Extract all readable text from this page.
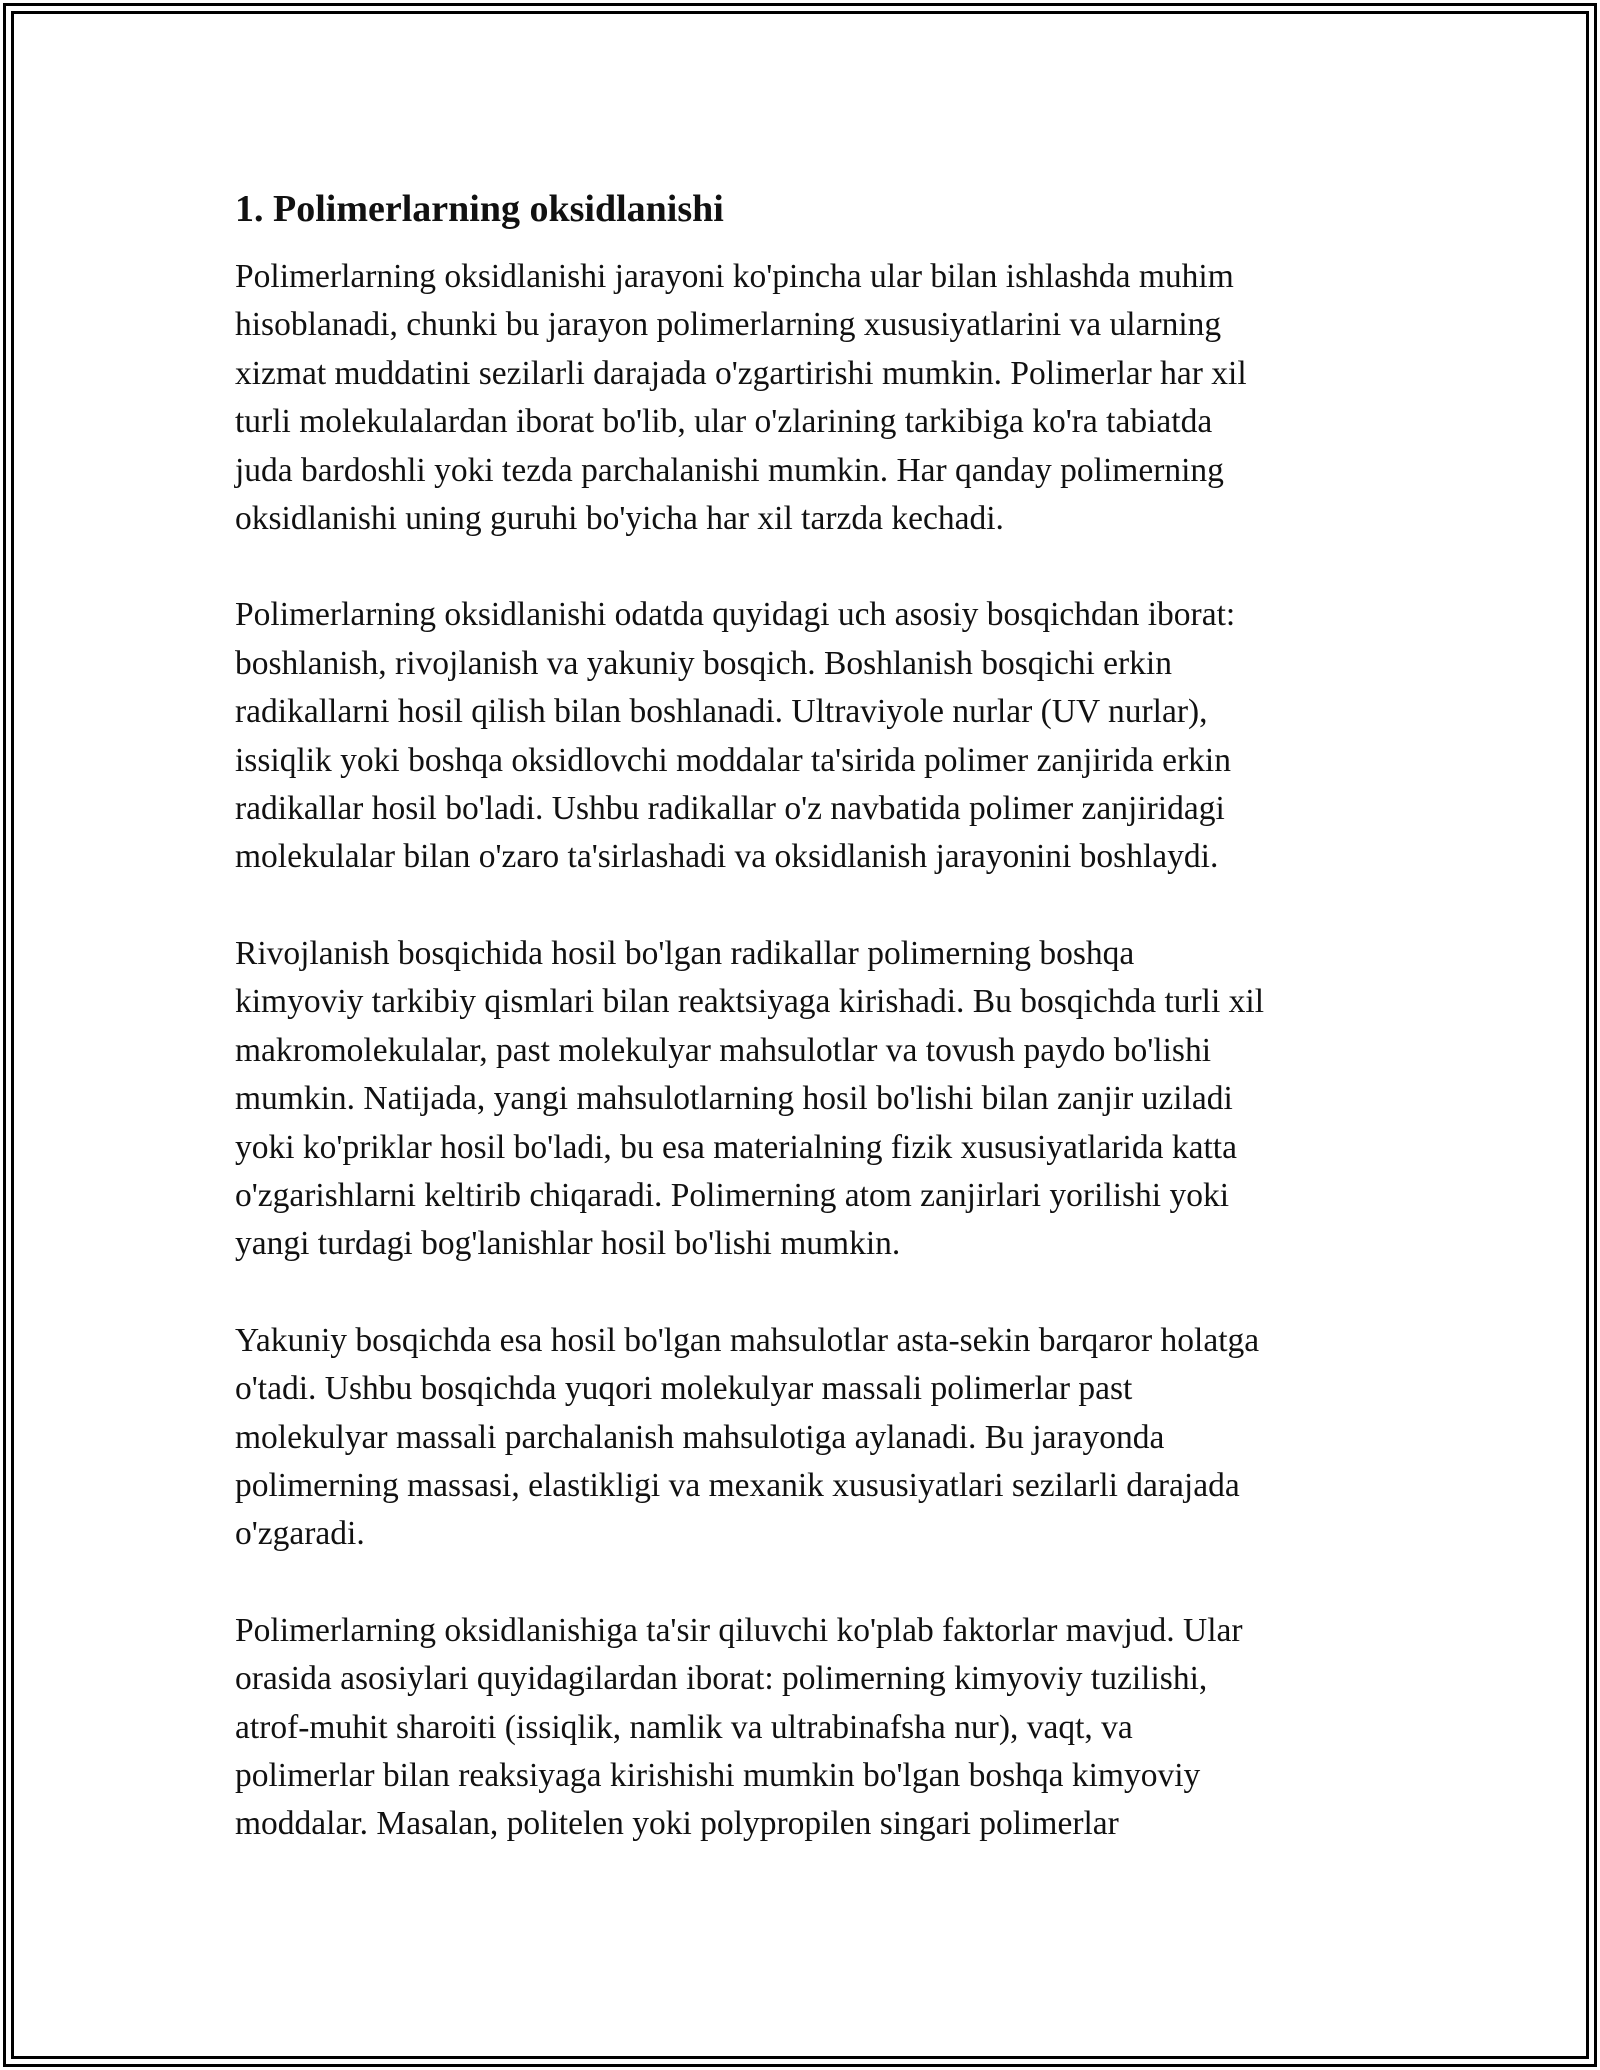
1. Polimerlarning oksidlanishi

Polimerlarning oksidlanishi jarayoni ko'pincha ular bilan ishlashda muhim
hisoblanadi, chunki bu jarayon polimerlarning xususiyatlarini va ularning
xizmat muddatini sezilarli darajada o'zgartirishi mumkin. Polimerlar har xil
turli molekulalardan iborat bo'lib, ular o'zlarining tarkibiga ko'ra tabiatda
juda bardoshli yoki tezda parchalanishi mumkin. Har qanday polimerning
oksidlanishi uning guruhi bo'yicha har xil tarzda kechadi.

Polimerlarning oksidlanishi odatda quyidagi uch asosiy bosqichdan iborat:
boshlanish, rivojlanish va yakuniy bosqich. Boshlanish bosqichi erkin
radikallarni hosil qilish bilan boshlanadi. Ultraviyole nurlar (UV nurlar),
issiqlik yoki boshqa oksidlovchi moddalar ta'sirida polimer zanjirida erkin
radikallar hosil bo'ladi. Ushbu radikallar o'z navbatida polimer zanjiridagi
molekulalar bilan o'zaro ta'sirlashadi va oksidlanish jarayonini boshlaydi.

Rivojlanish bosqichida hosil bo'lgan radikallar polimerning boshqa
kimyoviy tarkibiy qismlari bilan reaktsiyaga kirishadi. Bu bosqichda turli xil
makromolekulalar, past molekulyar mahsulotlar va tovush paydo bo'lishi
mumkin. Natijada, yangi mahsulotlarning hosil bo'lishi bilan zanjir uziladi
yoki ko'priklar hosil bo'ladi, bu esa materialning fizik xususiyatlarida katta
o'zgarishlarni keltirib chiqaradi. Polimerning atom zanjirlari yorilishi yoki
yangi turdagi bog'lanishlar hosil bo'lishi mumkin.

Yakuniy bosqichda esa hosil bo'lgan mahsulotlar asta-sekin barqaror holatga
o'tadi. Ushbu bosqichda yuqori molekulyar massali polimerlar past
molekulyar massali parchalanish mahsulotiga aylanadi. Bu jarayonda
polimerning massasi, elastikligi va mexanik xususiyatlari sezilarli darajada
o'zgaradi.

Polimerlarning oksidlanishiga ta'sir qiluvchi ko'plab faktorlar mavjud. Ular
orasida asosiylari quyidagilardan iborat: polimerning kimyoviy tuzilishi,
atrof-muhit sharoiti (issiqlik, namlik va ultrabinafsha nur), vaqt, va
polimerlar bilan reaksiyaga kirishishi mumkin bo'lgan boshqa kimyoviy
moddalar. Masalan, politelen yoki polypropilen singari polimerlar
